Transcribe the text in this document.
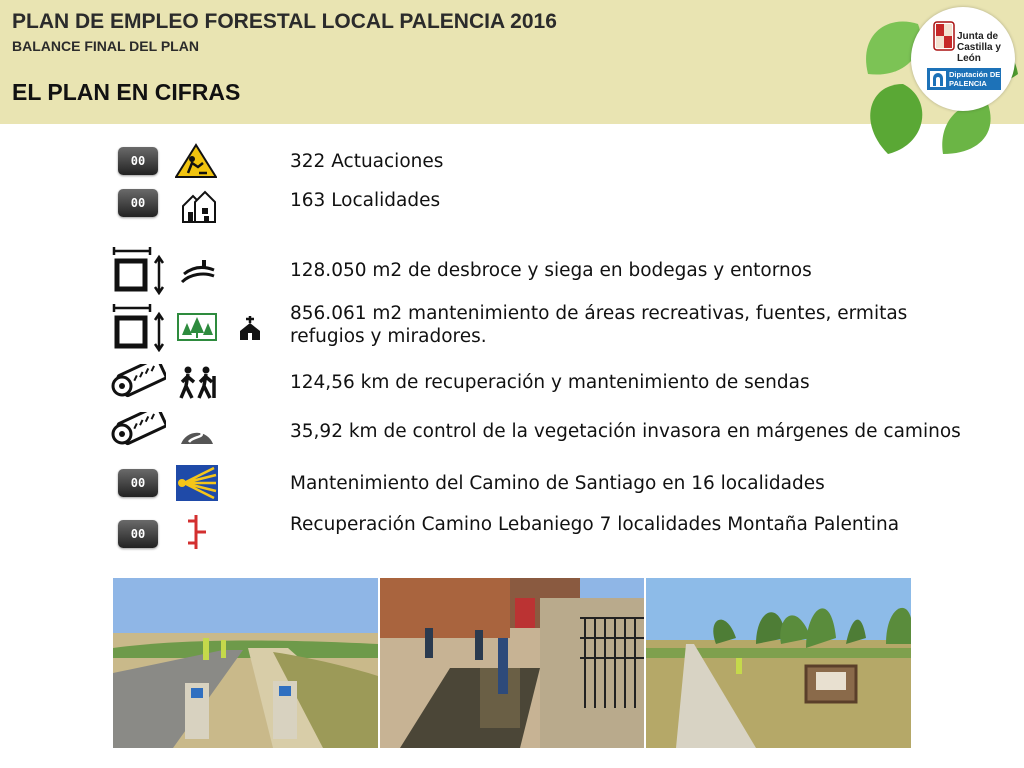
PLAN DE EMPLEO FORESTAL LOCAL PALENCIA 2016
BALANCE FINAL DEL PLAN
EL PLAN EN CIFRAS
Junta de Castilla y León
Diputación DE PALENCIA
00	322 Actuaciones
00	163 Localidades
128.050 m2 de desbroce y siega en bodegas y entornos
856.061 m2 mantenimiento de áreas recreativas, fuentes, ermitas refugios y miradores.
124,56 km de recuperación y mantenimiento de sendas
35,92 km de control de la vegetación invasora en márgenes de caminos
00	Mantenimiento del Camino de Santiago en 16 localidades
00	Recuperación Camino Lebaniego 7 localidades Montaña Palentina
